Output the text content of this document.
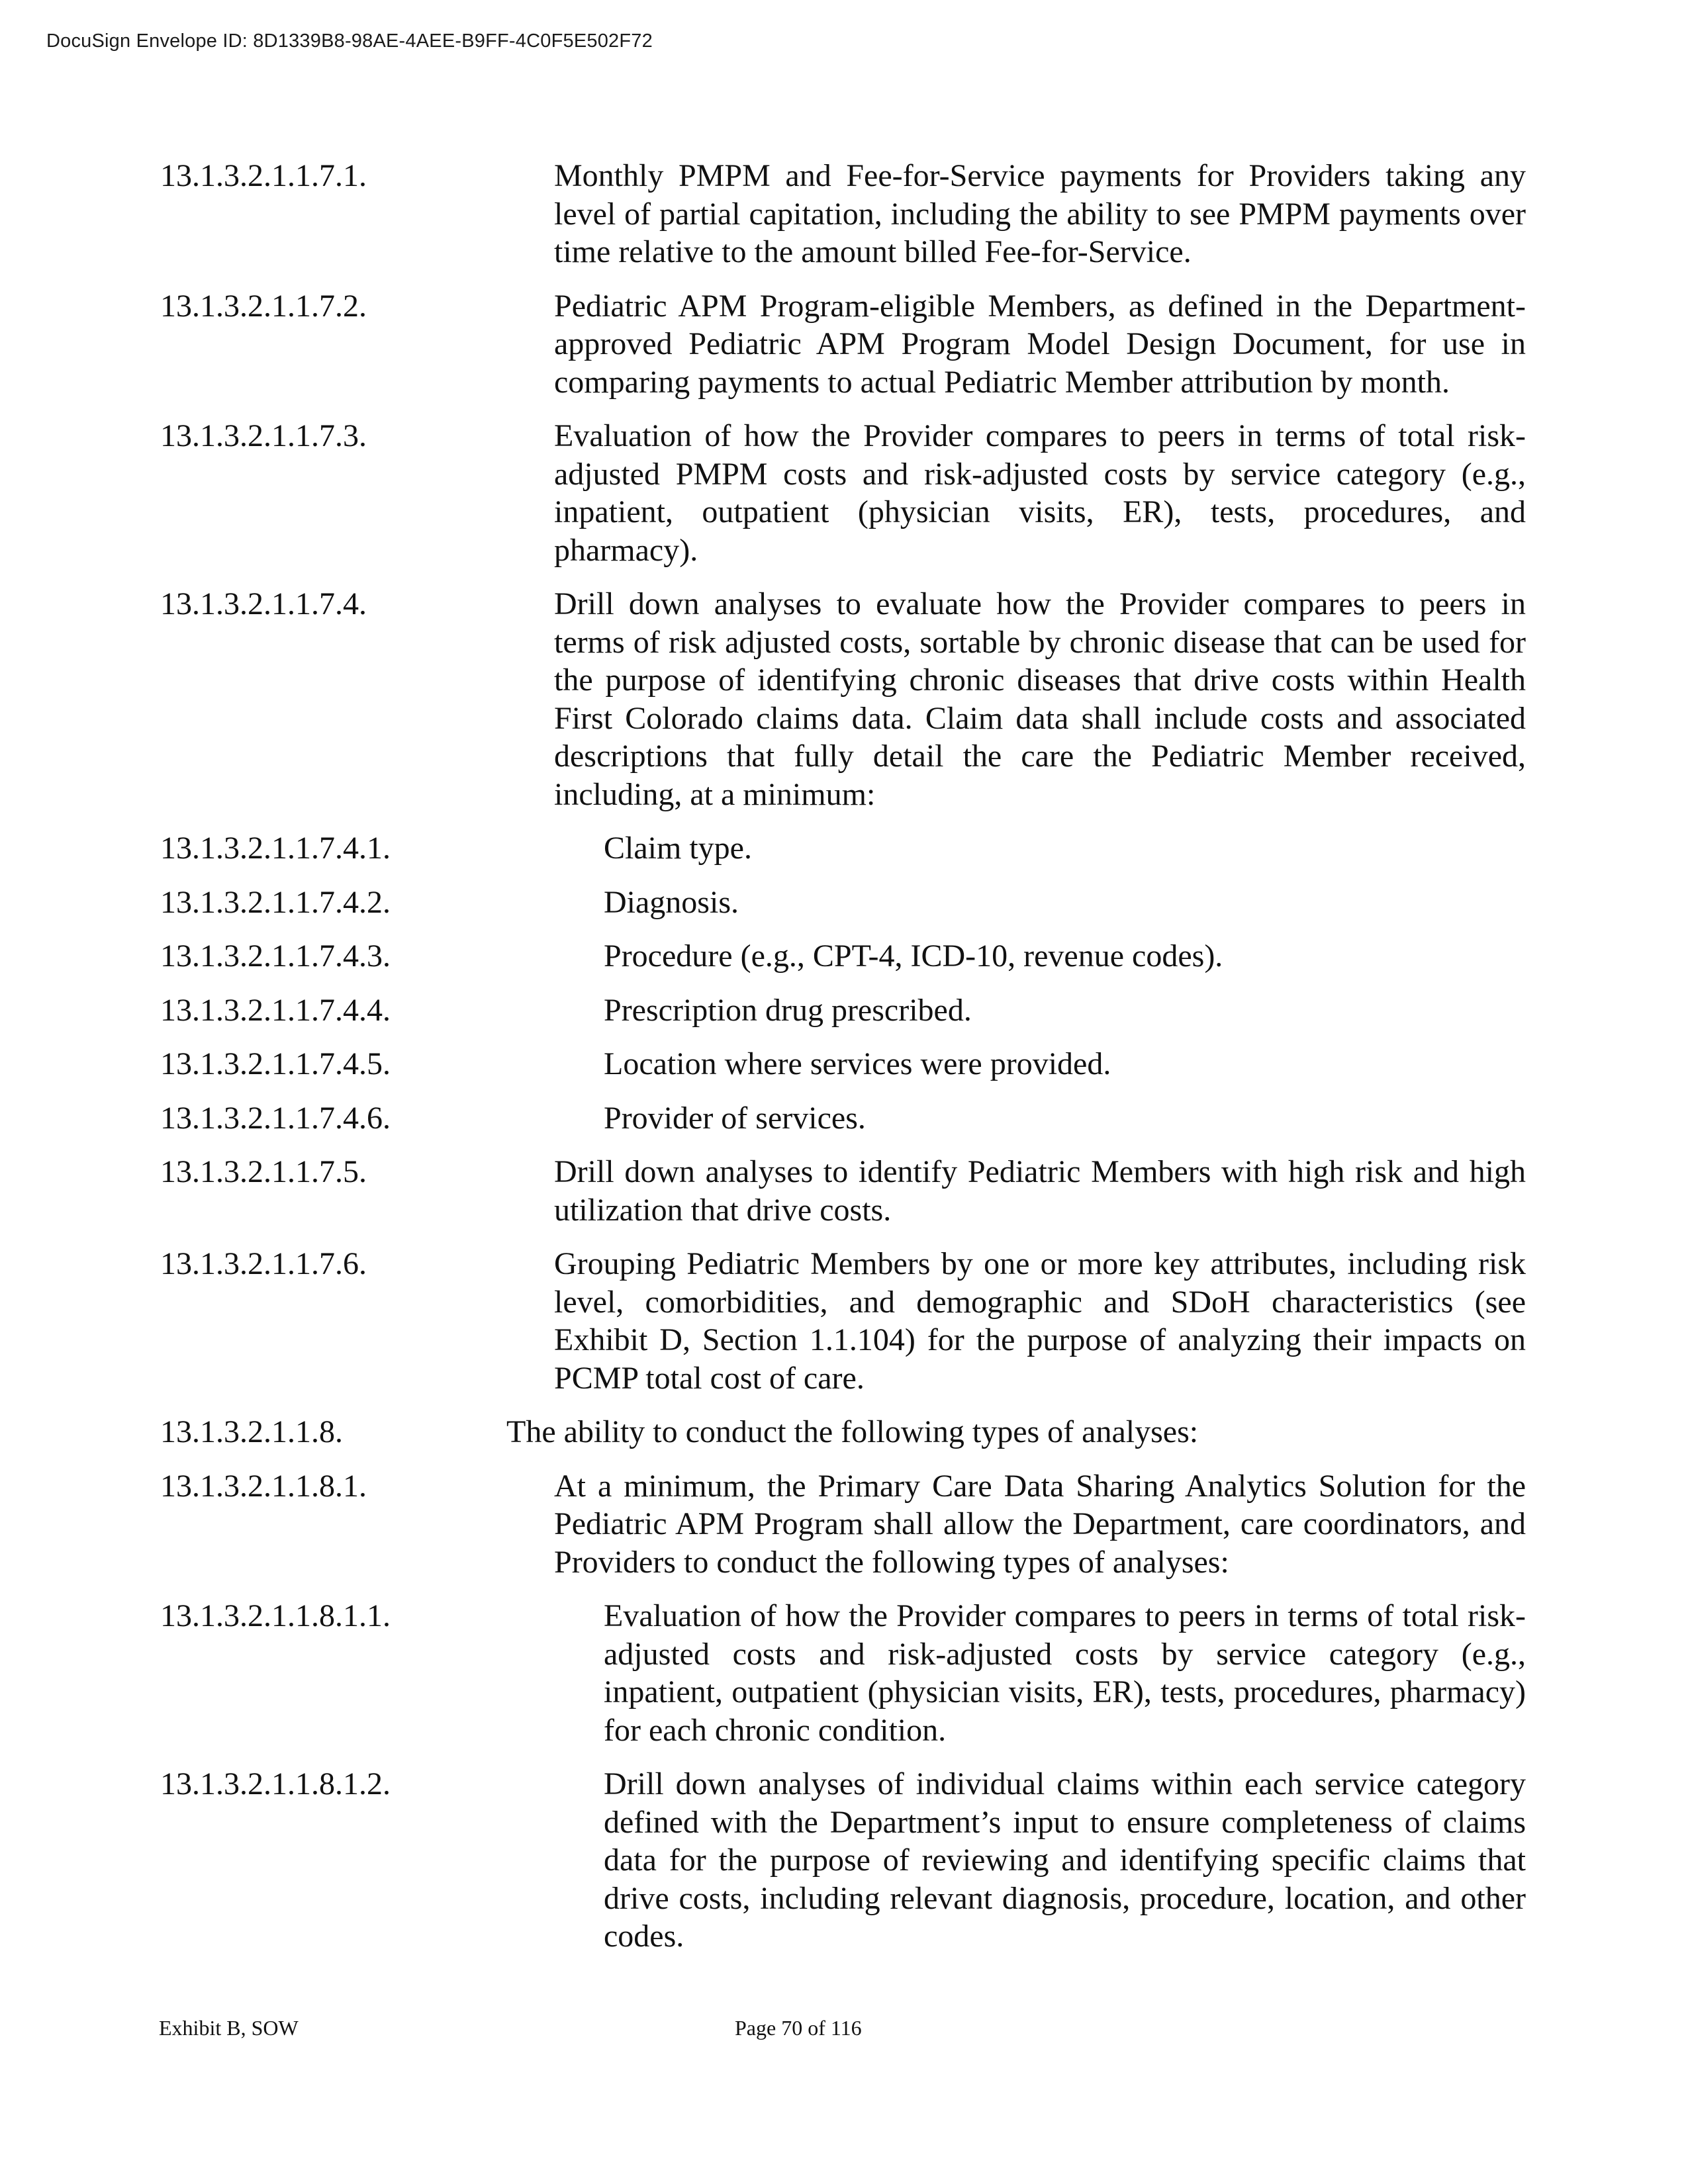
DocuSign Envelope ID: 8D1339B8-98AE-4AEE-B9FF-4C0F5E502F72
13.1.3.2.1.1.7.1.	Monthly PMPM and Fee-for-Service payments for Providers taking any level of partial capitation, including the ability to see PMPM payments over time relative to the amount billed Fee-for-Service.
13.1.3.2.1.1.7.2.	Pediatric APM Program-eligible Members, as defined in the Department-approved Pediatric APM Program Model Design Document, for use in comparing payments to actual Pediatric Member attribution by month.
13.1.3.2.1.1.7.3.	Evaluation of how the Provider compares to peers in terms of total risk-adjusted PMPM costs and risk-adjusted costs by service category (e.g., inpatient, outpatient (physician visits, ER), tests, procedures, and pharmacy).
13.1.3.2.1.1.7.4.	Drill down analyses to evaluate how the Provider compares to peers in terms of risk adjusted costs, sortable by chronic disease that can be used for the purpose of identifying chronic diseases that drive costs within Health First Colorado claims data. Claim data shall include costs and associated descriptions that fully detail the care the Pediatric Member received, including, at a minimum:
13.1.3.2.1.1.7.4.1.	Claim type.
13.1.3.2.1.1.7.4.2.	Diagnosis.
13.1.3.2.1.1.7.4.3.	Procedure (e.g., CPT-4, ICD-10, revenue codes).
13.1.3.2.1.1.7.4.4.	Prescription drug prescribed.
13.1.3.2.1.1.7.4.5.	Location where services were provided.
13.1.3.2.1.1.7.4.6.	Provider of services.
13.1.3.2.1.1.7.5.	Drill down analyses to identify Pediatric Members with high risk and high utilization that drive costs.
13.1.3.2.1.1.7.6.	Grouping Pediatric Members by one or more key attributes, including risk level, comorbidities, and demographic and SDoH characteristics (see Exhibit D, Section 1.1.104) for the purpose of analyzing their impacts on PCMP total cost of care.
13.1.3.2.1.1.8.	The ability to conduct the following types of analyses:
13.1.3.2.1.1.8.1.	At a minimum, the Primary Care Data Sharing Analytics Solution for the Pediatric APM Program shall allow the Department, care coordinators, and Providers to conduct the following types of analyses:
13.1.3.2.1.1.8.1.1.	Evaluation of how the Provider compares to peers in terms of total risk-adjusted costs and risk-adjusted costs by service category (e.g., inpatient, outpatient (physician visits, ER), tests, procedures, pharmacy) for each chronic condition.
13.1.3.2.1.1.8.1.2.	Drill down analyses of individual claims within each service category defined with the Department’s input to ensure completeness of claims data for the purpose of reviewing and identifying specific claims that drive costs, including relevant diagnosis, procedure, location, and other codes.
Exhibit B, SOW	Page 70 of 116
